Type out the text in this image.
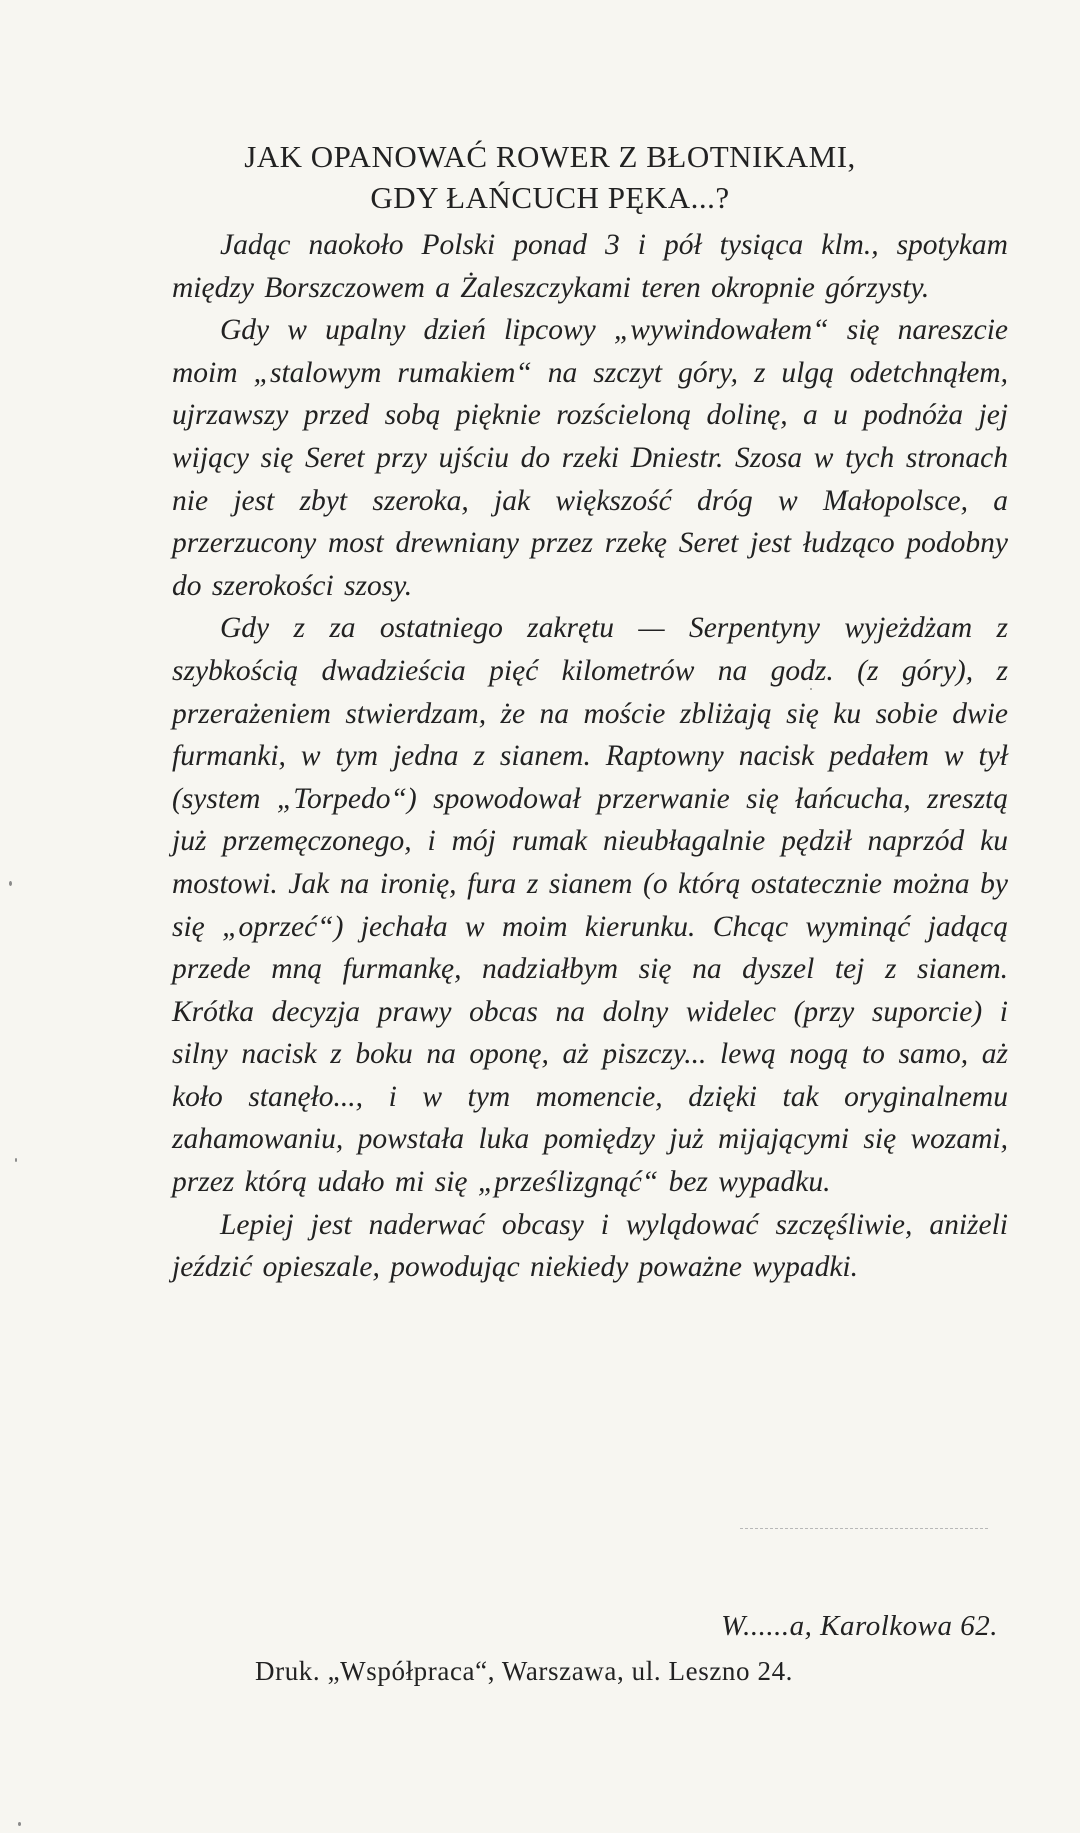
JAK OPANOWAĆ ROWER Z BŁOTNIKAMI,
GDY ŁAŃCUCH PĘKA...?

Jadąc naokoło Polski ponad 3 i pół tysiąca klm., spotykam między Borszczowem a Żaleszczykami teren okropnie górzysty.

Gdy w upalny dzień lipcowy „wywindowałem“ się nareszcie moim „stalowym rumakiem“ na szczyt góry, z ulgą odetchnąłem, ujrzawszy przed sobą pięknie rozścieloną dolinę, a u podnóża jej wijący się Seret przy ujściu do rzeki Dniestr. Szosa w tych stronach nie jest zbyt szeroka, jak większość dróg w Małopolsce, a przerzucony most drewniany przez rzekę Seret jest łudząco podobny do szerokości szosy.

Gdy z za ostatniego zakrętu — Serpentyny wyjeżdżam z szybkością dwadzieścia pięć kilometrów na godz. (z góry), z przerażeniem stwierdzam, że na moście zbliżają się ku sobie dwie furmanki, w tym jedna z sianem. Raptowny nacisk pedałem w tył (system „Torpedo“) spowodował przerwanie się łańcucha, zresztą już przemęczonego, i mój rumak nieubłagalnie pędził naprzód ku mostowi. Jak na ironię, fura z sianem (o którą ostatecznie można by się „oprzeć“) jechała w moim kierunku. Chcąc wyminąć jadącą przede mną furmankę, nadziałbym się na dyszel tej z sianem. Krótka decyzja prawy obcas na dolny widelec (przy suporcie) i silny nacisk z boku na oponę, aż piszczy... lewą nogą to samo, aż koło stanęło..., i w tym momencie, dzięki tak oryginalnemu zahamowaniu, powstała luka pomiędzy już mijającymi się wozami, przez którą udało mi się „prześlizgnąć“ bez wypadku.

Lepiej jest naderwać obcasy i wylądować szczęśliwie, aniżeli jeździć opieszale, powodując niekiedy poważne wypadki.

W......a, Karolkowa 62.
Druk. „Współpraca“, Warszawa, ul. Leszno 24.
